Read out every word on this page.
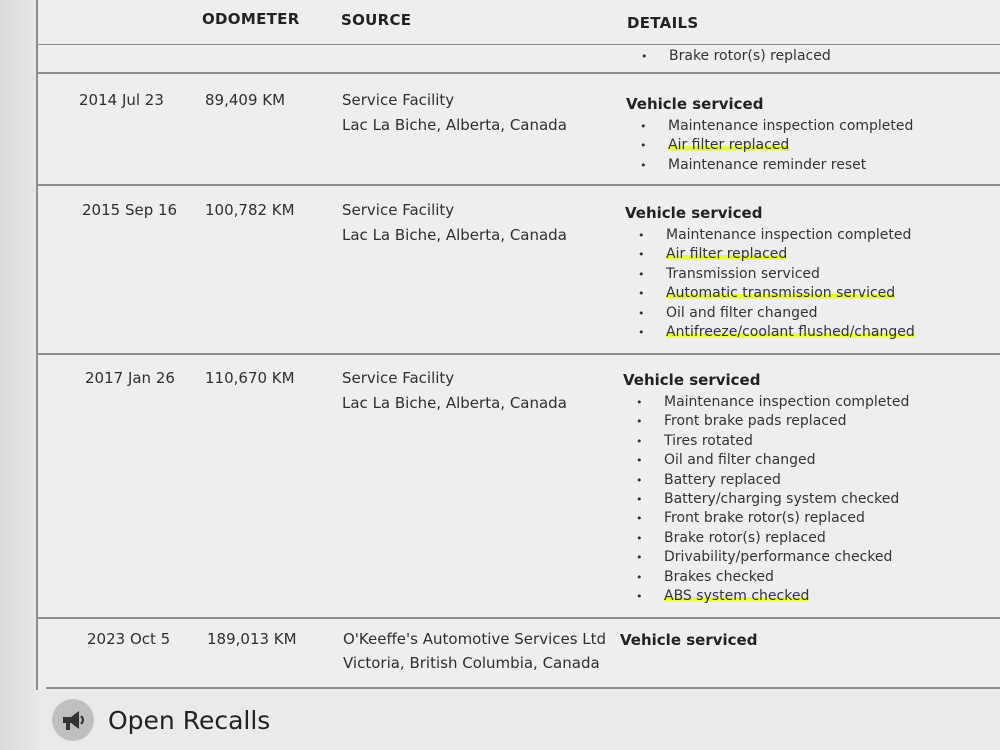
ODOMETER	SOURCE	DETAILS
• Brake rotor(s) replaced
2014 Jul 23	89,409 KM	Service Facility
Lac La Biche, Alberta, Canada
Vehicle serviced
• Maintenance inspection completed
• Air filter replaced
• Maintenance reminder reset
2015 Sep 16 100,782 KM	Service Facility
Lac La Biche, Alberta, Canada
Vehicle serviced
• Maintenance inspection completed
• Air filter replaced
• Transmission serviced
• Automatic transmission serviced
• Oil and filter changed
• Antifreeze/coolant flushed/changed
2017 Jan 26 110,670 KM	Service Facility
Lac La Biche, Alberta, Canada
Vehicle serviced
• Maintenance inspection completed
• Front brake pads replaced
• Tires rotated
• Oil and filter changed
• Battery replaced
• Battery/charging system checked
• Front brake rotor(s) replaced
• Brake rotor(s) replaced
• Drivability/performance checked
• Brakes checked
• ABS system checked
2023 Oct 5 189,013 KM	O'Keeffe's Automotive Services Ltd
Victoria, British Columbia, Canada
Vehicle serviced
Open Recalls
